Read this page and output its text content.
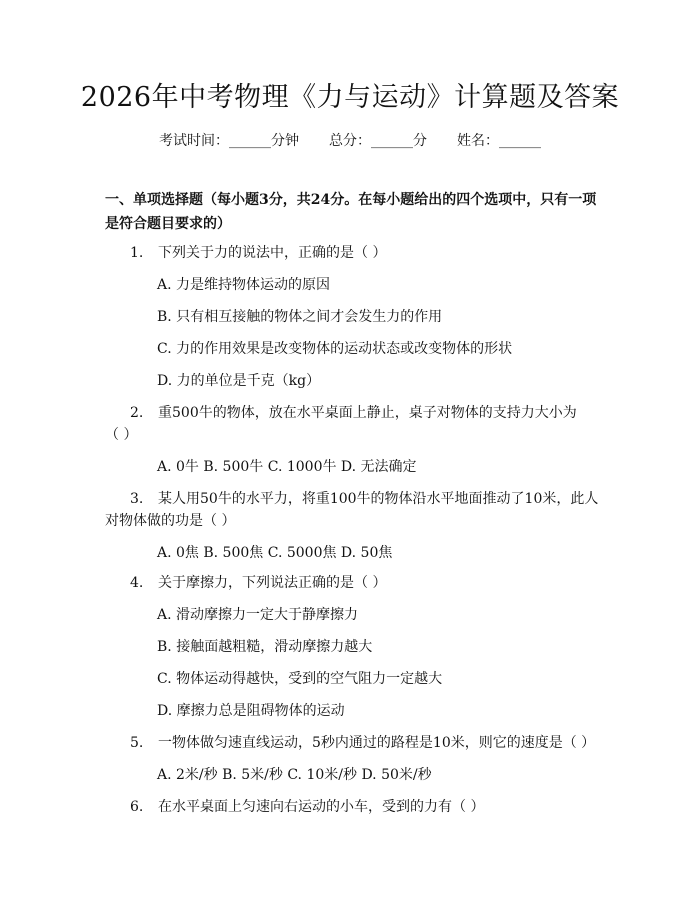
2026年中考物理《力与运动》计算题及答案
考试时间：______分钟 总分：______分 姓名：______
一、单项选择题（每小题3分，共24分。在每小题给出的四个选项中，只有一项是符合题目要求的）
1. 下列关于力的说法中，正确的是（ ）
A. 力是维持物体运动的原因
B. 只有相互接触的物体之间才会发生力的作用
C. 力的作用效果是改变物体的运动状态或改变物体的形状
D. 力的单位是千克（kg）
2. 重500牛的物体，放在水平桌面上静止，桌子对物体的支持力大小为
（ ）
A. 0牛 B. 500牛 C. 1000牛 D. 无法确定
3. 某人用50牛的水平力，将重100牛的物体沿水平地面推动了10米，此人
对物体做的功是（ ）
A. 0焦 B. 500焦 C. 5000焦 D. 50焦
4. 关于摩擦力，下列说法正确的是（ ）
A. 滑动摩擦力一定大于静摩擦力
B. 接触面越粗糙，滑动摩擦力越大
C. 物体运动得越快，受到的空气阻力一定越大
D. 摩擦力总是阻碍物体的运动
5. 一物体做匀速直线运动，5秒内通过的路程是10米，则它的速度是（ ）
A. 2米/秒 B. 5米/秒 C. 10米/秒 D. 50米/秒
6. 在水平桌面上匀速向右运动的小车，受到的力有（ ）
